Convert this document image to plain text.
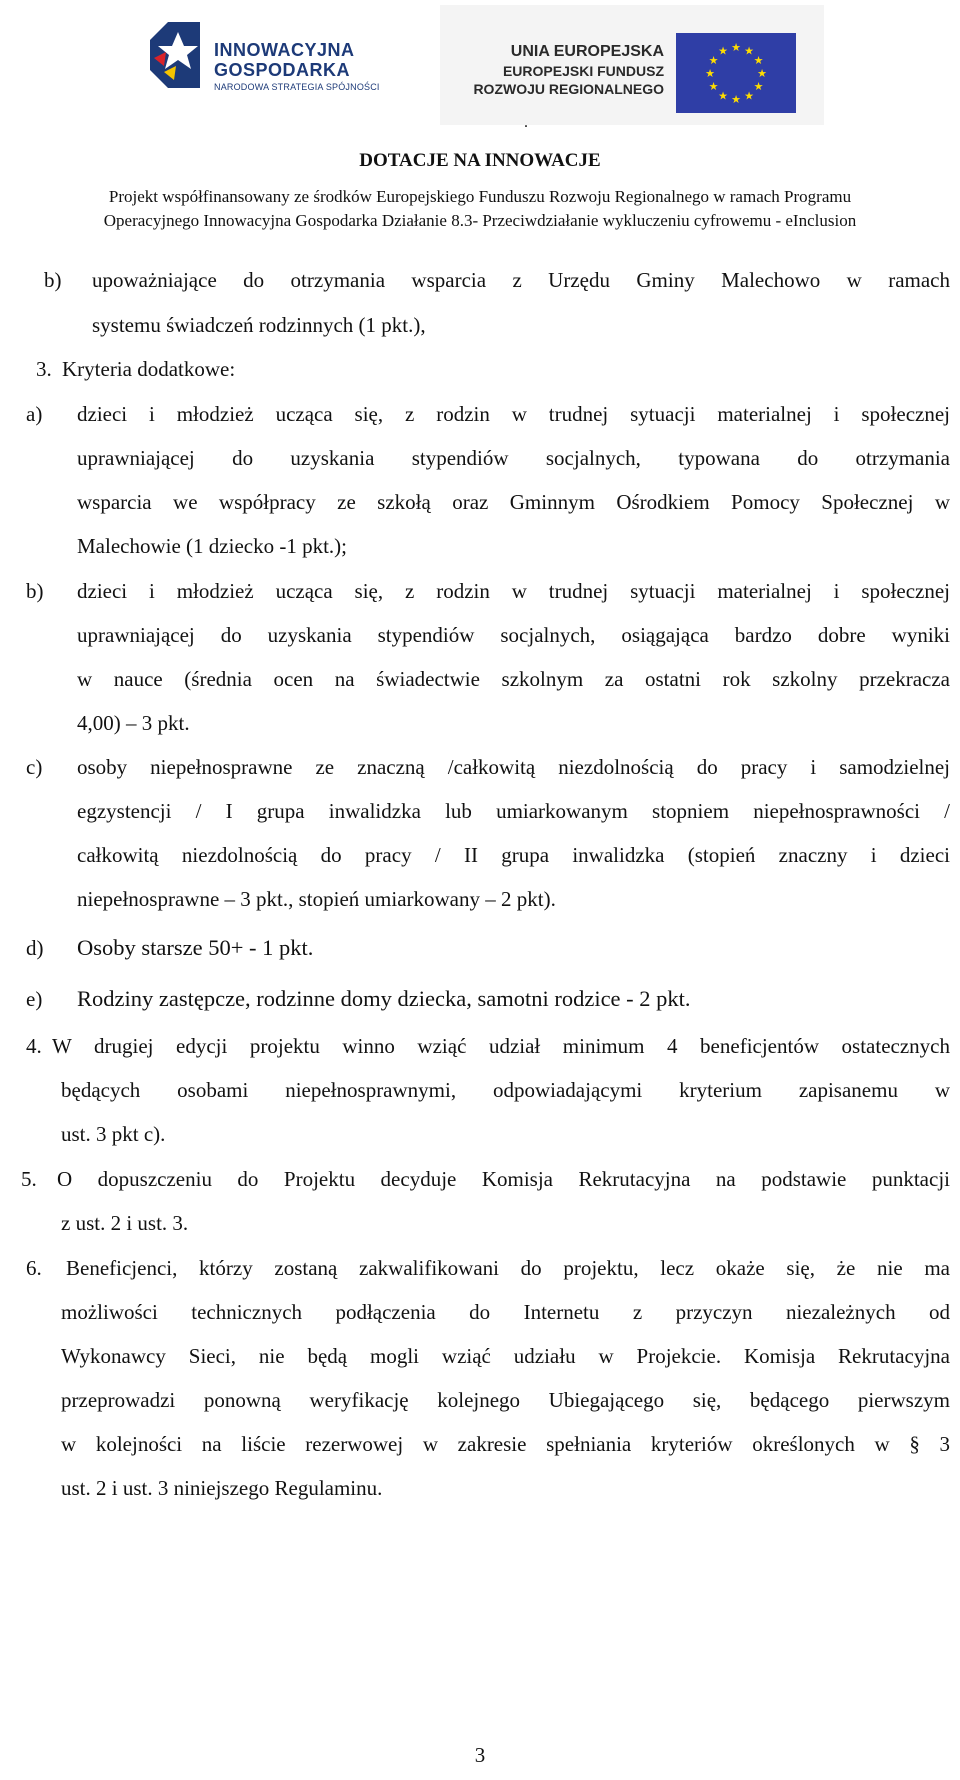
INNOWACYJNA
GOSPODARKA
NARODOWA STRATEGIA SPÓJNOŚCI
UNIA EUROPEJSKA
EUROPEJSKI FUNDUSZ
ROZWOJU REGIONALNEGO
★ ★
★
★
★
★
★
★
★
★
★
★
.
DOTACJE NA INNOWACJE
Projekt współfinansowany ze środków Europejskiego Funduszu Rozwoju Regionalnego w ramach Programu
Operacyjnego Innowacyjna Gospodarka Działanie 8.3- Przeciwdziałanie wykluczeniu cyfrowemu - eInclusion
b) upoważniające do otrzymania wsparcia z Urzędu Gminy Malechowo w ramach
systemu świadczeń rodzinnych (1 pkt.),
3. Kryteria dodatkowe:
a) dzieci i młodzież ucząca się, z rodzin w trudnej sytuacji materialnej i społecznej
uprawniającej do uzyskania stypendiów socjalnych, typowana do otrzymania
wsparcia we współpracy ze szkołą oraz Gminnym Ośrodkiem Pomocy Społecznej w
Malechowie (1 dziecko -1 pkt.);
b) dzieci i młodzież ucząca się, z rodzin w trudnej sytuacji materialnej i społecznej
uprawniającej do uzyskania stypendiów socjalnych, osiągająca bardzo dobre wyniki
w nauce (średnia ocen na świadectwie szkolnym za ostatni rok szkolny przekracza
4,00) – 3 pkt.
c) osoby niepełnosprawne ze znaczną /całkowitą niezdolnością do pracy i samodzielnej
egzystencji / I grupa inwalidzka lub umiarkowanym stopniem niepełnosprawności /
całkowitą niezdolnością do pracy / II grupa inwalidzka (stopień znaczny i dzieci
niepełnosprawne – 3 pkt., stopień umiarkowany – 2 pkt).
d) Osoby starsze 50+ - 1 pkt.
e) Rodziny zastępcze, rodzinne domy dziecka, samotni rodzice - 2 pkt.
4. W drugiej edycji projektu winno wziąć udział minimum 4 beneficjentów ostatecznych
będących osobami niepełnosprawnymi, odpowiadającymi kryterium zapisanemu w
ust. 3 pkt c).
5. O dopuszczeniu do Projektu decyduje Komisja Rekrutacyjna na podstawie punktacji
z ust. 2 i ust. 3.
6. Beneficjenci, którzy zostaną zakwalifikowani do projektu, lecz okaże się, że nie ma
możliwości technicznych podłączenia do Internetu z przyczyn niezależnych od
Wykonawcy Sieci, nie będą mogli wziąć udziału w Projekcie. Komisja Rekrutacyjna
przeprowadzi ponowną weryfikację kolejnego Ubiegającego się, będącego pierwszym
w kolejności na liście rezerwowej w zakresie spełniania kryteriów określonych w § 3
ust. 2 i ust. 3 niniejszego Regulaminu.
3
